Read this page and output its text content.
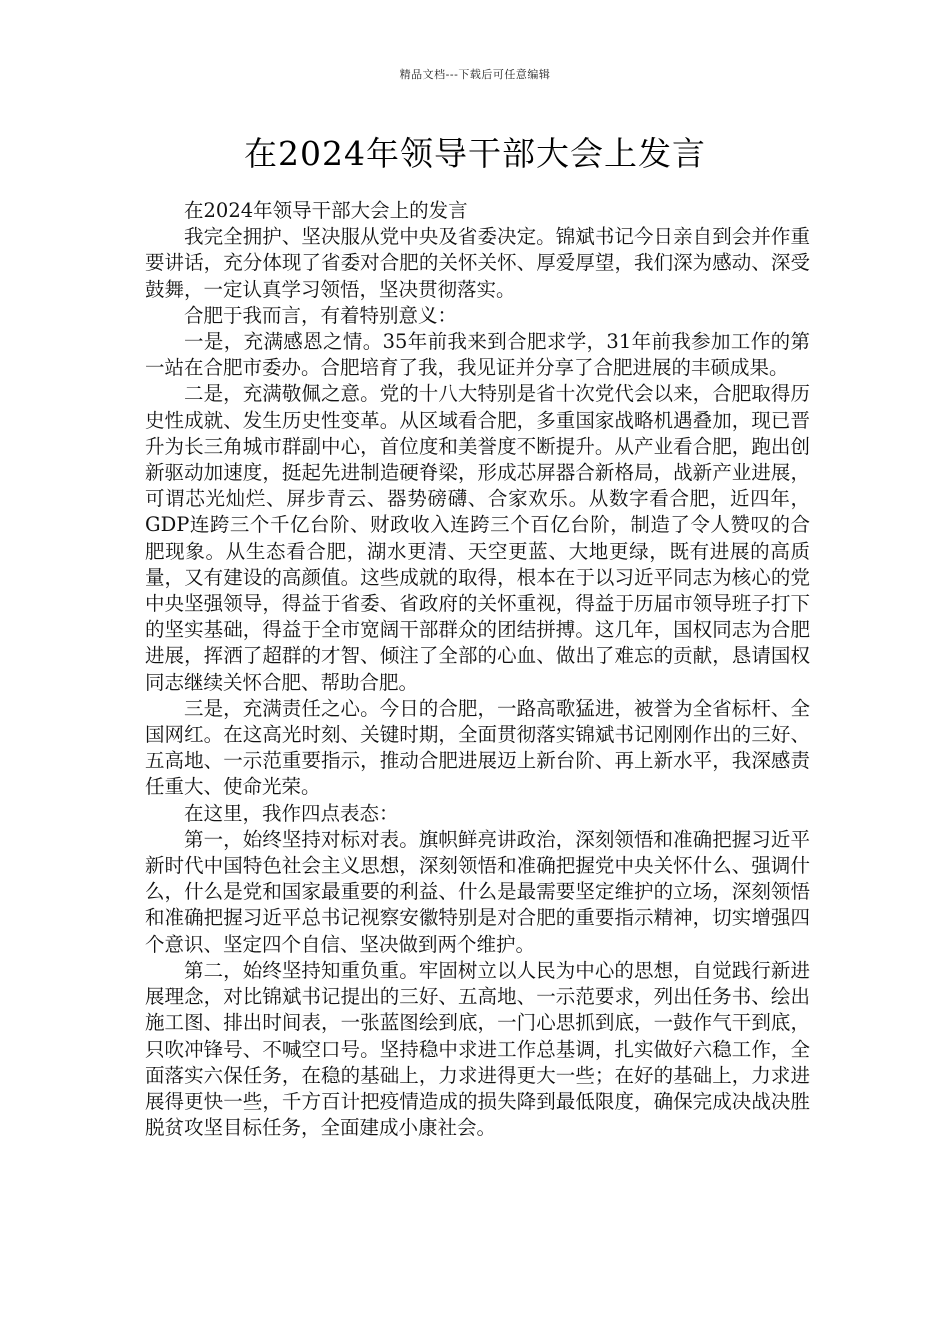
精品文档---下载后可任意编辑
在2024年领导干部大会上发言

在2024年领导干部大会上的发言

我完全拥护、坚决服从党中央及省委决定。锦斌书记今日亲自到会并作重要讲话，充分体现了省委对合肥的关怀关怀、厚爱厚望，我们深为感动、深受鼓舞，一定认真学习领悟，坚决贯彻落实。

合肥于我而言，有着特别意义：

一是，充满感恩之情。35年前我来到合肥求学，31年前我参加工作的第一站在合肥市委办。合肥培育了我，我见证并分享了合肥进展的丰硕成果。

二是，充满敬佩之意。党的十八大特别是省十次党代会以来，合肥取得历史性成就、发生历史性变革。从区域看合肥，多重国家战略机遇叠加，现已晋升为长三角城市群副中心，首位度和美誉度不断提升。从产业看合肥，跑出创新驱动加速度，挺起先进制造硬脊梁，形成芯屏器合新格局，战新产业进展，可谓芯光灿烂、屏步青云、器势磅礴、合家欢乐。从数字看合肥，近四年，GDP连跨三个千亿台阶、财政收入连跨三个百亿台阶，制造了令人赞叹的合肥现象。从生态看合肥，湖水更清、天空更蓝、大地更绿，既有进展的高质量，又有建设的高颜值。这些成就的取得，根本在于以习近平同志为核心的党中央坚强领导，得益于省委、省政府的关怀重视，得益于历届市领导班子打下的坚实基础，得益于全市宽阔干部群众的团结拼搏。这几年，国权同志为合肥进展，挥洒了超群的才智、倾注了全部的心血、做出了难忘的贡献，恳请国权同志继续关怀合肥、帮助合肥。

三是，充满责任之心。今日的合肥，一路高歌猛进，被誉为全省标杆、全国网红。在这高光时刻、关键时期，全面贯彻落实锦斌书记刚刚作出的三好、五高地、一示范重要指示，推动合肥进展迈上新台阶、再上新水平，我深感责任重大、使命光荣。

在这里，我作四点表态：

第一，始终坚持对标对表。旗帜鲜亮讲政治，深刻领悟和准确把握习近平新时代中国特色社会主义思想，深刻领悟和准确把握党中央关怀什么、强调什么，什么是党和国家最重要的利益、什么是最需要坚定维护的立场，深刻领悟和准确把握习近平总书记视察安徽特别是对合肥的重要指示精神，切实增强四个意识、坚定四个自信、坚决做到两个维护。

第二，始终坚持知重负重。牢固树立以人民为中心的思想，自觉践行新进展理念，对比锦斌书记提出的三好、五高地、一示范要求，列出任务书、绘出施工图、排出时间表，一张蓝图绘到底，一门心思抓到底，一鼓作气干到底，只吹冲锋号、不喊空口号。坚持稳中求进工作总基调，扎实做好六稳工作，全面落实六保任务，在稳的基础上，力求进得更大一些；在好的基础上，力求进展得更快一些，千方百计把疫情造成的损失降到最低限度，确保完成决战决胜脱贫攻坚目标任务，全面建成小康社会。
